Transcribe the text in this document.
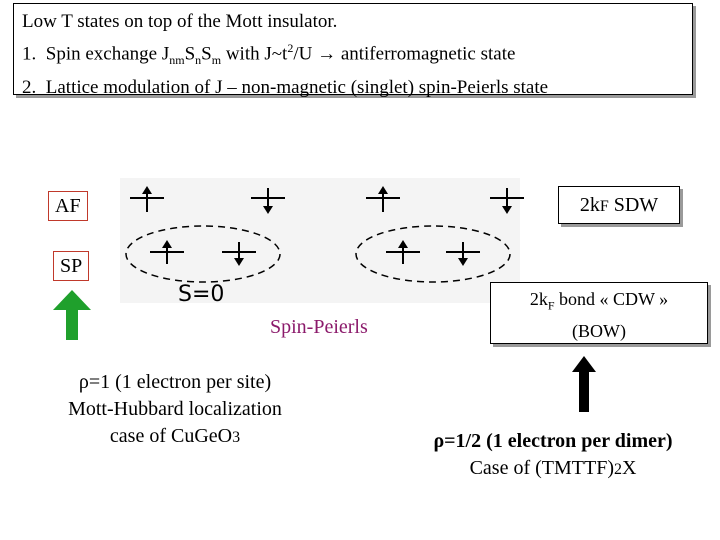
Low T states on top of the Mott insulator.
1. Spin exchange $J_{nm}S_nS_m$ with $J\sim t^2/U$ → antiferromagnetic state
2. Lattice modulation of J – non-magnetic (singlet) spin-Peierls state
S=0
AF
SP
2kF SDW
$2k_F$ bond « CDW »
(BOW)
Spin-Peierls
ρ=1 (1 electron per site)
Mott-Hubbard localization
case of CuGeO3	ρ=1/2 (1 electron per dimer)
Case of (TMTTF)2X
